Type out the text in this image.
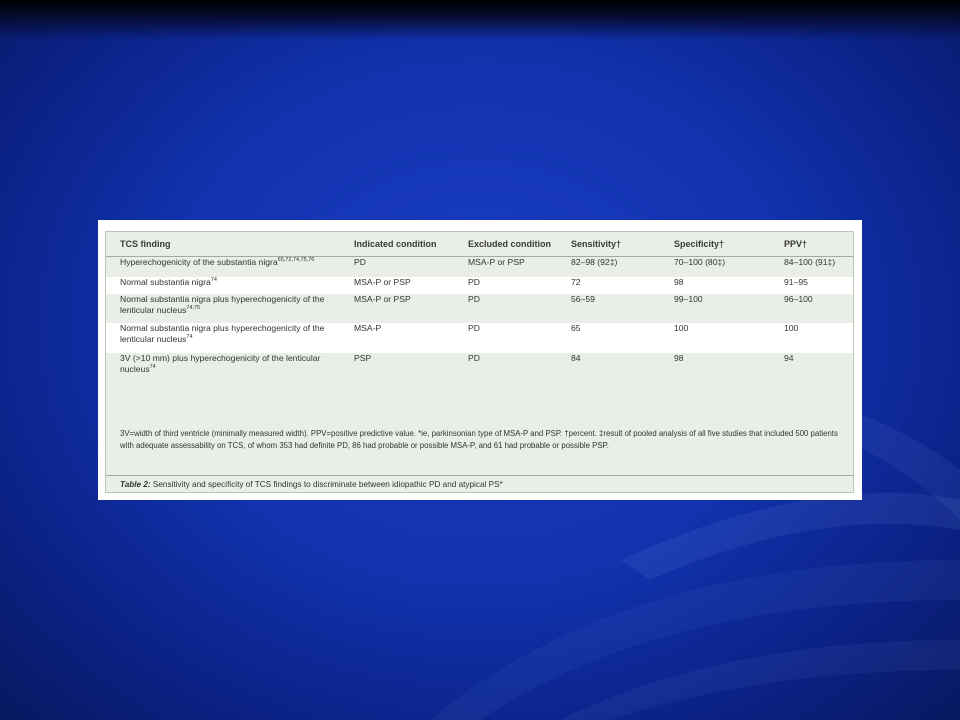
TCS finding	Indicated condition	Excluded condition	Sensitivity†	Specificity†	PPV†
Hyperechogenicity of the substantia nigra$^{65,72,74,75,76}$	PD	MSA-P or PSP	82–98 (92‡)	70–100 (80‡)	84–100 (91‡)
Normal substantia nigra$^{74}$	MSA-P or PSP	PD	72	98	91–95
Normal substantia nigra plus hyperechogenicity of the lenticular nucleus$^{74,75}$	MSA-P or PSP	PD	56–59	99–100	96–100
Normal substantia nigra plus hyperechogenicity of the lenticular nucleus$^{74}$	MSA-P	PD	65	100	100
3V (>10 mm) plus hyperechogenicity of the lenticular nucleus$^{74}$	PSP	PD	84	98	94
3V=width of third ventricle (minimally measured width). PPV=positive predictive value. *ie, parkinsonian type of MSA-P and PSP. †percent. ‡result of pooled analysis of all five studies that included 500 patients with adequate assessability on TCS, of whom 353 had definite PD, 86 had probable or possible MSA-P, and 61 had probable or possible PSP.
Table 2: Sensitivity and specificity of TCS findings to discriminate between idiopathic PD and atypical PS*
